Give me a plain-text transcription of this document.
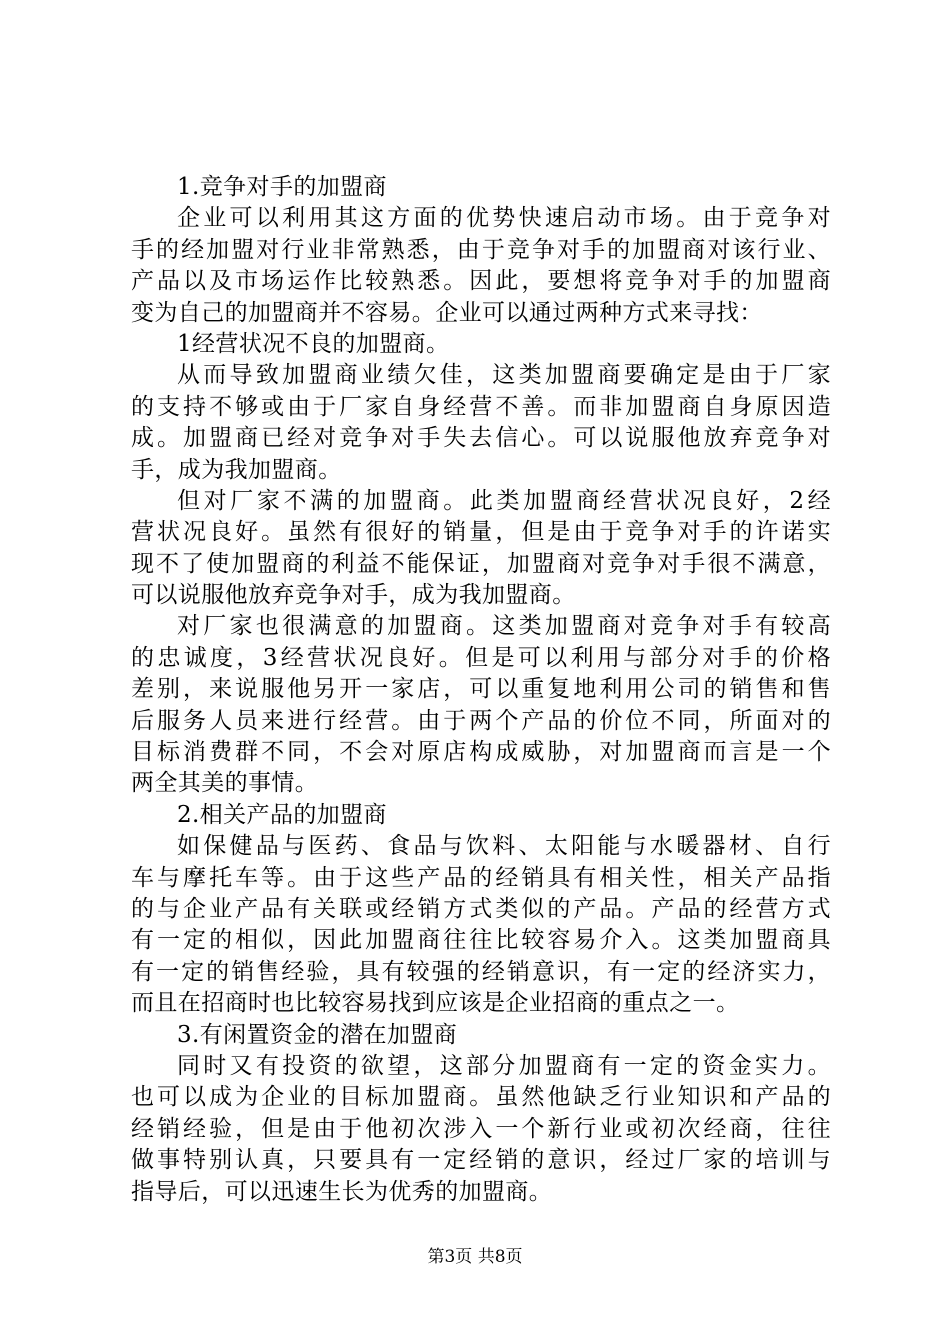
1.竞争对手的加盟商
企业可以利用其这方面的优势快速启动市场。由于竞争对
手的经加盟对行业非常熟悉，由于竞争对手的加盟商对该行业、
产品以及市场运作比较熟悉。因此，要想将竞争对手的加盟商
变为自己的加盟商并不容易。企业可以通过两种方式来寻找：
1经营状况不良的加盟商。
从而导致加盟商业绩欠佳，这类加盟商要确定是由于厂家
的支持不够或由于厂家自身经营不善。而非加盟商自身原因造
成。加盟商已经对竞争对手失去信心。可以说服他放弃竞争对
手，成为我加盟商。
但对厂家不满的加盟商。此类加盟商经营状况良好，2经
营状况良好。虽然有很好的销量，但是由于竞争对手的许诺实
现不了使加盟商的利益不能保证，加盟商对竞争对手很不满意，
可以说服他放弃竞争对手，成为我加盟商。
对厂家也很满意的加盟商。这类加盟商对竞争对手有较高
的忠诚度，3经营状况良好。但是可以利用与部分对手的价格
差别，来说服他另开一家店，可以重复地利用公司的销售和售
后服务人员来进行经营。由于两个产品的价位不同，所面对的
目标消费群不同，不会对原店构成威胁，对加盟商而言是一个
两全其美的事情。
2.相关产品的加盟商
如保健品与医药、食品与饮料、太阳能与水暖器材、自行
车与摩托车等。由于这些产品的经销具有相关性，相关产品指
的与企业产品有关联或经销方式类似的产品。产品的经营方式
有一定的相似，因此加盟商往往比较容易介入。这类加盟商具
有一定的销售经验，具有较强的经销意识，有一定的经济实力，
而且在招商时也比较容易找到应该是企业招商的重点之一。
3.有闲置资金的潜在加盟商
同时又有投资的欲望，这部分加盟商有一定的资金实力。
也可以成为企业的目标加盟商。虽然他缺乏行业知识和产品的
经销经验，但是由于他初次涉入一个新行业或初次经商，往往
做事特别认真，只要具有一定经销的意识，经过厂家的培训与
指导后，可以迅速生长为优秀的加盟商。
第3页 共8页
